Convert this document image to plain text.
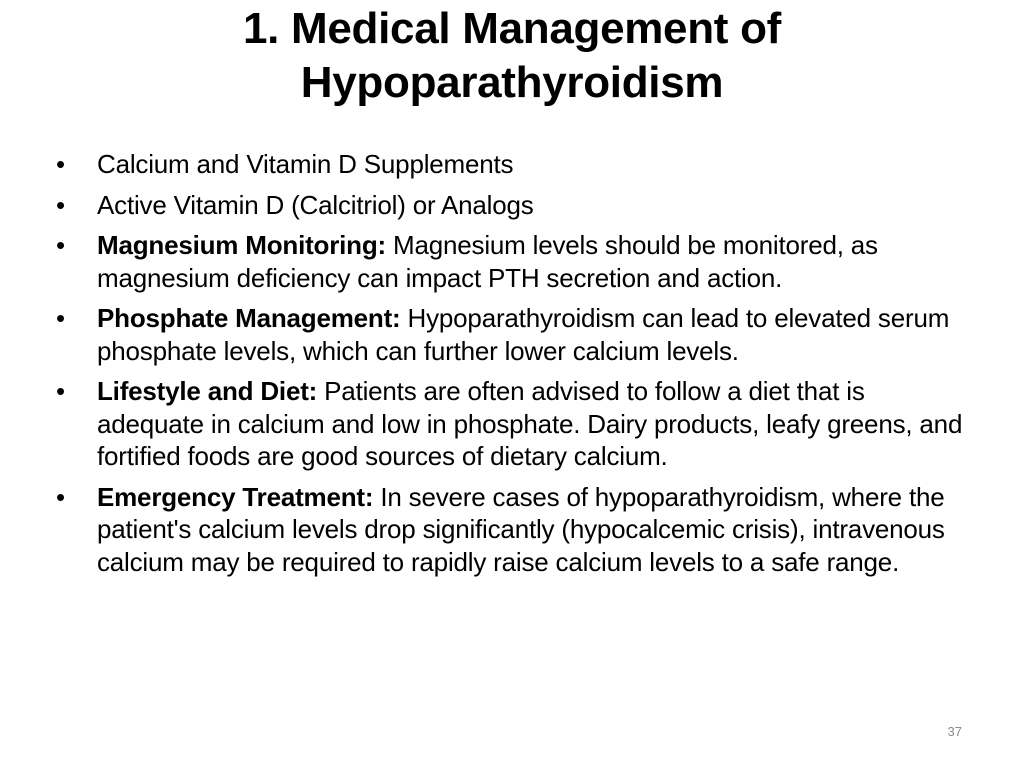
1. Medical Management of
Hypoparathyroidism
• Calcium and Vitamin D Supplements
• Active Vitamin D (Calcitriol) or Analogs
• Magnesium Monitoring: Magnesium levels should be monitored, as magnesium deficiency can impact PTH secretion and action.
• Phosphate Management: Hypoparathyroidism can lead to elevated serum phosphate levels, which can further lower calcium levels.
• Lifestyle and Diet: Patients are often advised to follow a diet that is adequate in calcium and low in phosphate. Dairy products, leafy greens, and fortified foods are good sources of dietary calcium.
• Emergency Treatment: In severe cases of hypoparathyroidism, where the patient's calcium levels drop significantly (hypocalcemic crisis), intravenous calcium may be required to rapidly raise calcium levels to a safe range.
37
